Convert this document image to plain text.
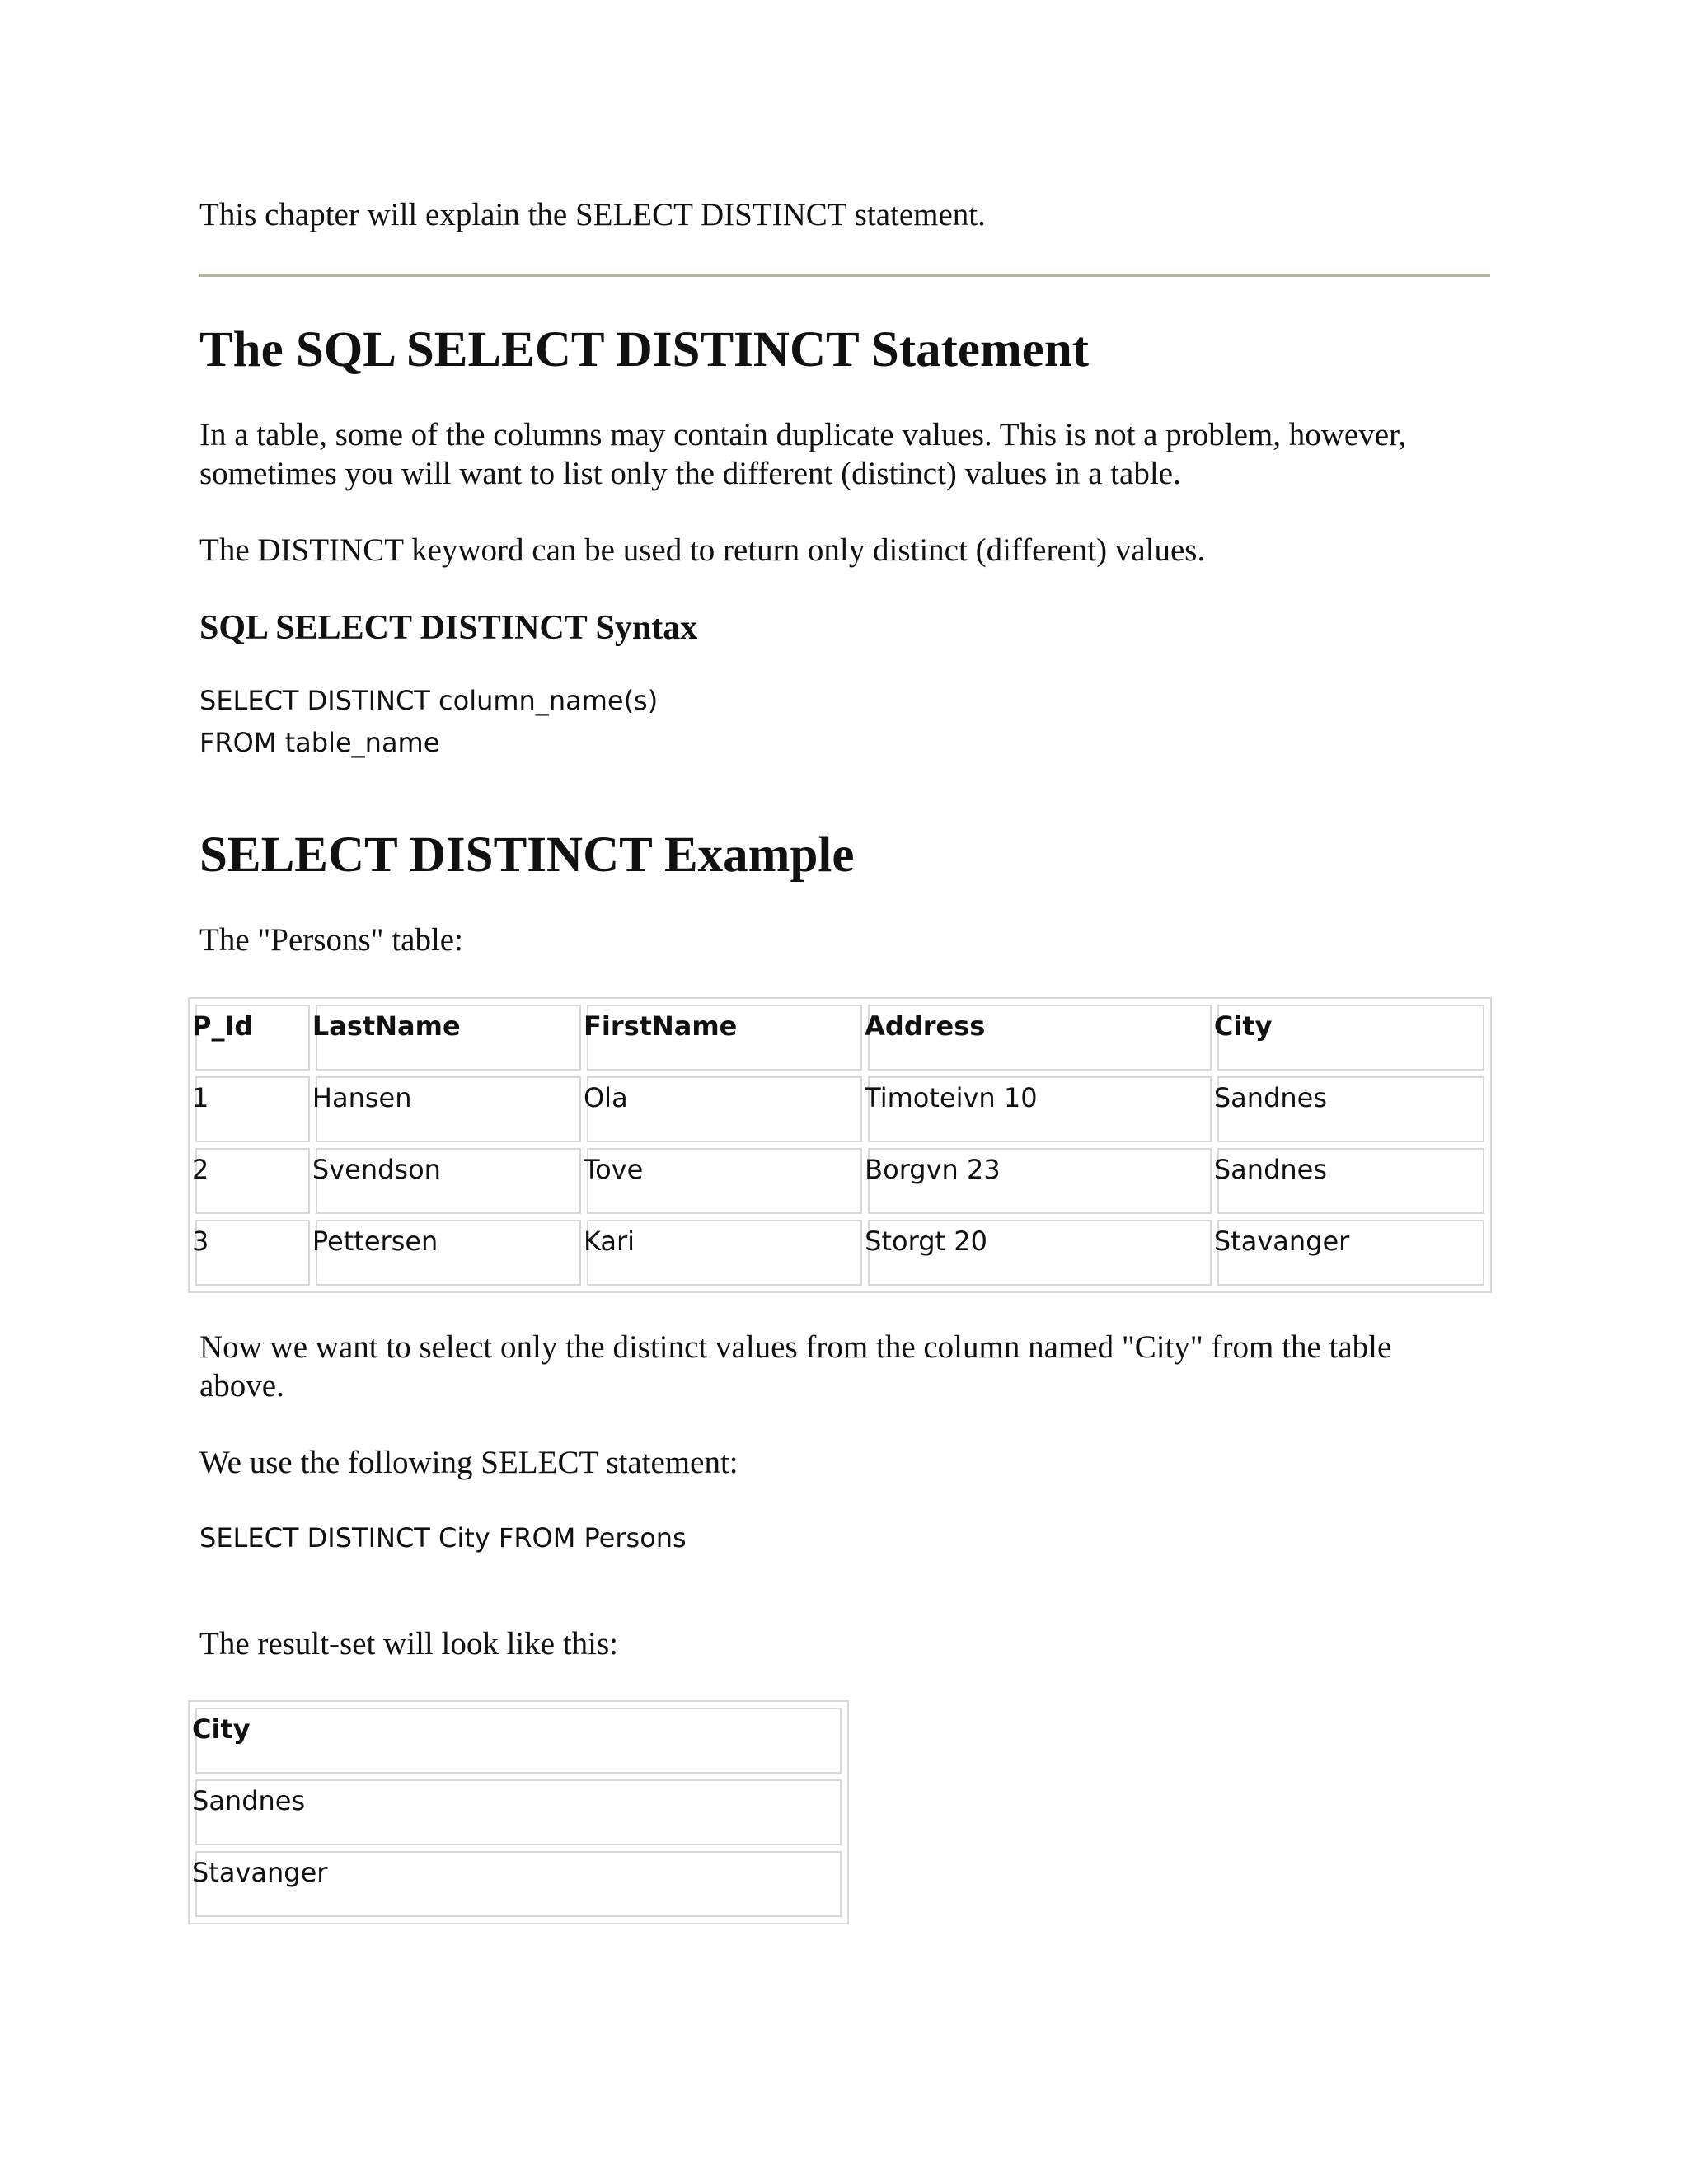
This chapter will explain the SELECT DISTINCT statement.

The SQL SELECT DISTINCT Statement

In a table, some of the columns may contain duplicate values. This is not a problem, however,

sometimes you will want to list only the different (distinct) values in a table.

The DISTINCT keyword can be used to return only distinct (different) values.

SQL SELECT DISTINCT Syntax
SELECT DISTINCT column_name(s)
FROM table_name
SELECT DISTINCT Example

The "Persons" table:

P_Id	LastName	FirstName	Address	City

1	Hansen	Ola	Timoteivn 10	Sandnes

2	Svendson	Tove	Borgvn 23	Sandnes

3	Pettersen	Kari	Storgt 20	Stavanger

Now we want to select only the distinct values from the column named "City" from the table

above.

We use the following SELECT statement:

SELECT DISTINCT City FROM Persons

The result-set will look like this:

City

Sandnes

Stavanger
